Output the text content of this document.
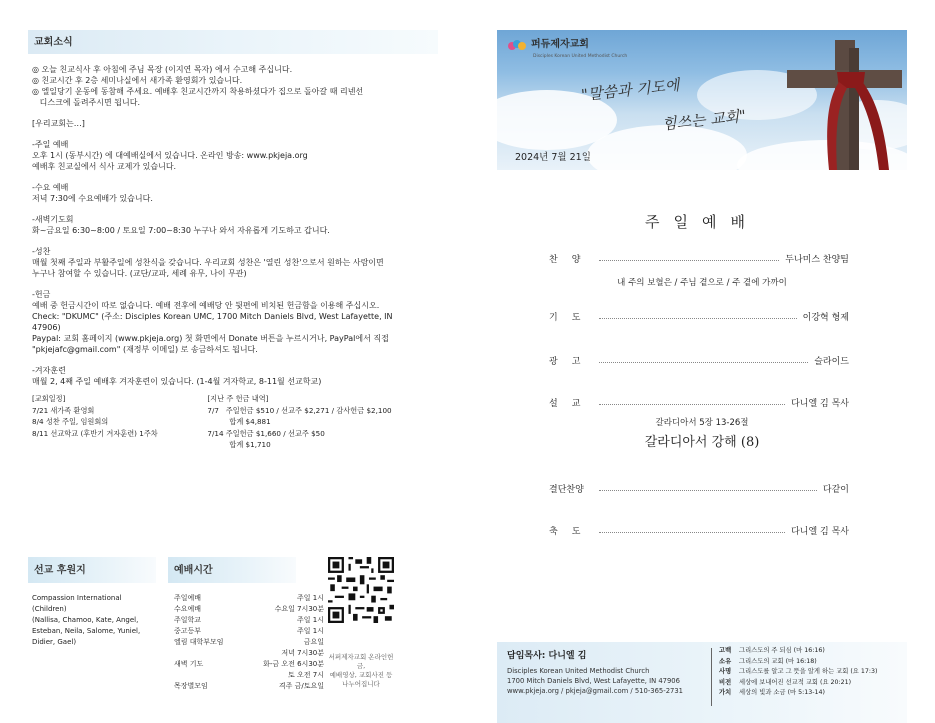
교회소식

◎ 오늘 친교식사 후 아침에 주님 목장 (이지연 목자) 에서 수고해 주십니다.

◎ 친교시간 후 2층 세미나실에서 새가족 환영회가 있습니다.

◎ 엘일당기 운동에 동참해 주세요. 예배후 친교시간까지 착용하셨다가 집으로 돌아갈 때 리넨선

디스크에 돌려주시면 됩니다.

[우리교회는…]

-주일 예배

오후 1시 (동부시간) 에 대예배실에서 있습니다. 온라인 방송: www.pkjeja.org

예배후 친교실에서 식사 교제가 있습니다.

-수요 예배

저녁 7:30에 수요예배가 있습니다.

-새벽기도회

화~금요일 6:30~8:00 / 토요일 7:00~8:30 누구나 와서 자유롭게 기도하고 갑니다.

-성찬

매월 첫째 주일과 부활주일에 성찬식을 갖습니다. 우리교회 성찬은 '열린 성찬'으로서 원하는 사람이면

누구나 참여할 수 있습니다. (교단/교파, 세례 유무, 나이 무관)

-헌금

예배 중 헌금시간이 따로 없습니다. 예배 전후에 예배당 안 뒷편에 비치된 헌금함을 이용해 주십시오.

Check: "DKUMC" (주소: Disciples Korean UMC, 1700 Mitch Daniels Blvd, West Lafayette, IN

47906)

Paypal: 교회 홈페이지 (www.pkjeja.org) 첫 화면에서 Donate 버튼을 누르시거나, PayPal에서 직접

"pkjejafc@gmail.com" (재정부 이메일) 로 송금하셔도 됩니다.

-겨자훈련

매월 2, 4째 주일 예배후 겨자훈련이 있습니다. (1-4월 겨자학교, 8-11월 선교학교)

[교회일정]
7/21 새가족 환영회
8/4 성찬 주일, 임원회의
8/11 선교학교 (후반기 겨자훈련) 1주차
[지난 주 헌금 내역]
7/7   주일헌금 $510 / 선교주 $2,271 / 감사헌금 $2,100
합계 $4,881
7/14 주일헌금 $1,660 / 선교주 $50
합계 $1,710
선교 후원지
Compassion International
(Children)
(Nallisa, Chamoo, Kate, Angel,
Esteban, Neila, Salome, Yuniel,
Didier, Gael)
예배시간
주일예배	주일 1시
수요예배	수요일 7시30분
주일학교	주일 1시
중고등부	주일 1시
엘림 대학부모임	금요일
저녁 7시30분
새벽 기도	화-금 오전 6시30분
토 오전 7시
목장별모임	격주 금/토요일
서퍼제자교회 온라인헌금,
예배영상, 교회사진 등
나누어집니다
퍼듀제자교회
Disciples Korean United Methodist Church
"말씀과 기도에
힘쓰는 교회"
2024년 7월 21일
주일예배
찬양	두나미스 찬양팀
내 주의 보혈은 / 주님 곁으로 / 주 곁에 가까이
기도	이강혁 형제
광고	슬라이드
설교	다니엘 김 목사
갈라디아서 5장 13-26절
갈라디아서 강해 (8)
결단찬양	다같이
축도	다니엘 김 목사
담임목사: 다니엘 김
Disciples Korean United Methodist Church
1700 Mitch Daniels Blvd, West Lafayette, IN 47906
www.pkjeja.org / pkjeja@gmail.com / 510-365-2731
고백 그리스도의 주 되심 (마 16:16)
소유 그리스도의 교회 (마 16:18)
사명 그리스도를 알고 그 뜻을 알게 하는 교회 (요 17:3)
비전 세상에 보내어진 선교적 교회 (요 20:21)
가치 세상의 빛과 소금 (마 5:13-14)
